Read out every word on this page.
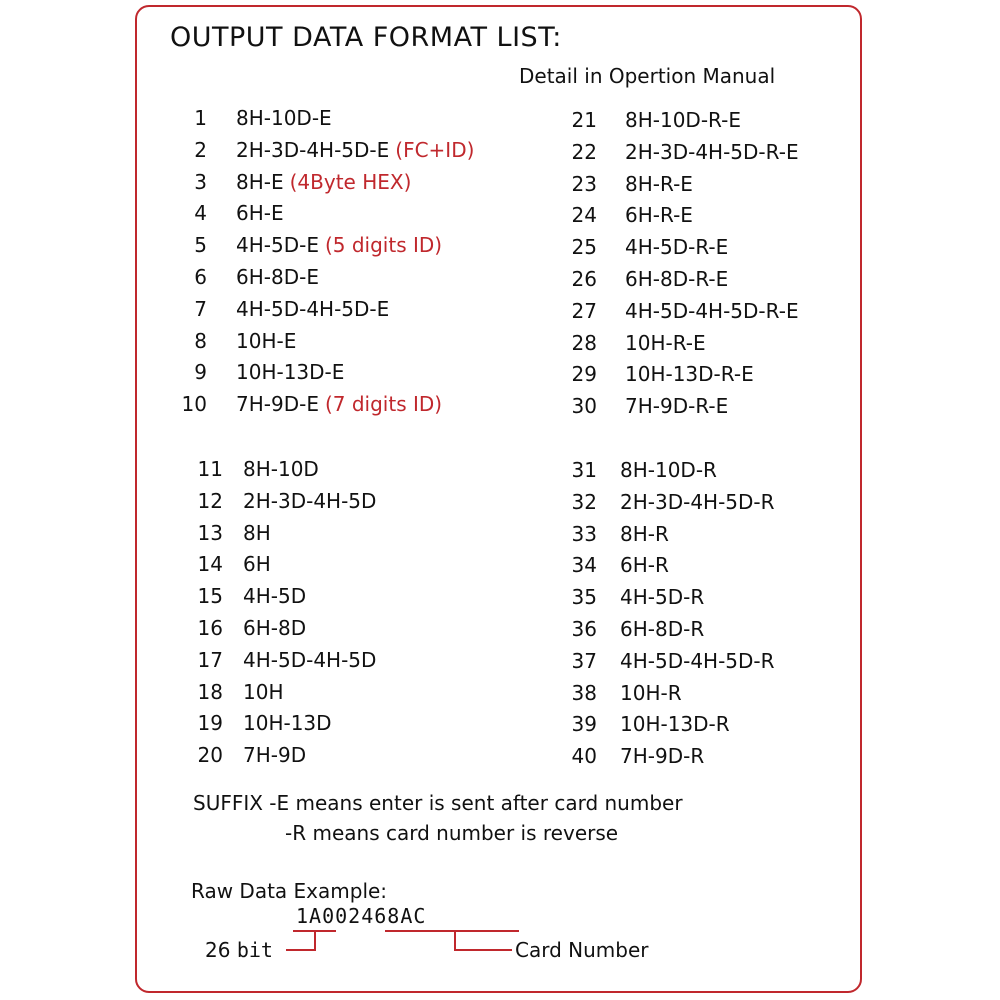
OUTPUT DATA FORMAT LIST:
Detail in Opertion Manual
1 8H-10D-E
2 2H-3D-4H-5D-E (FC+ID)
3 8H-E (4Byte HEX)
4 6H-E
5 4H-5D-E (5 digits ID)
6 6H-8D-E
7 4H-5D-4H-5D-E
8 10H-E
9 10H-13D-E
10 7H-9D-E (7 digits ID)
21 8H-10D-R-E
22 2H-3D-4H-5D-R-E
23 8H-R-E
24 6H-R-E
25 4H-5D-R-E
26 6H-8D-R-E
27 4H-5D-4H-5D-R-E
28 10H-R-E
29 10H-13D-R-E
30 7H-9D-R-E
11 8H-10D
12 2H-3D-4H-5D
13 8H
14 6H
15 4H-5D
16 6H-8D
17 4H-5D-4H-5D
18 10H
19 10H-13D
20 7H-9D
31 8H-10D-R
32 2H-3D-4H-5D-R
33 8H-R
34 6H-R
35 4H-5D-R
36 6H-8D-R
37 4H-5D-4H-5D-R
38 10H-R
39 10H-13D-R
40 7H-9D-R
SUFFIX -E means enter is sent after card number
-R means card number is reverse
Raw Data Example:
1A002468AC
26 bit	Card Number
